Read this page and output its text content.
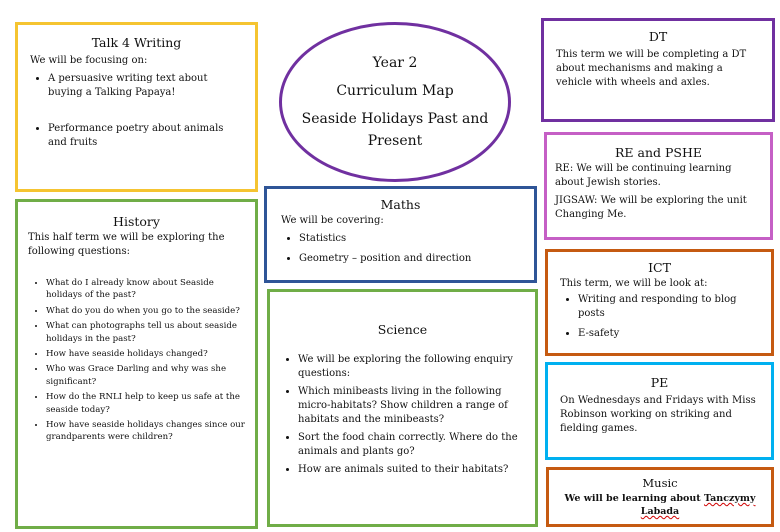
Talk 4 Writing

We will be focusing on:

• A persuasive writing text about buying a Talking Papaya!
• Performance poetry about animals and fruits
Year 2
Curriculum Map
Seaside Holidays Past and Present

DT

This term we will be completing a DT about mechanisms and making a vehicle with wheels and axles.

RE and PSHE

RE: We will be continuing learning about Jewish stories.

JIGSAW: We will be exploring the unit Changing Me.

Maths

We will be covering:

• Statistics
• Geometry – position and direction

History

This half term we will be exploring the following questions:

• What do I already know about Seaside holidays of the past?
• What do you do when you go to the seaside?
• What can photographs tell us about seaside holidays in the past?
• How have seaside holidays changed?
• Who was Grace Darling and why was she significant?
• How do the RNLI help to keep us safe at the seaside today?
• How have seaside holidays changes since our grandparents were children?

ICT

This term, we will be look at:

• Writing and responding to blog posts
• E-safety

Science

• We will be exploring the following enquiry questions:
• Which minibeasts living in the following micro-habitats? Show children a range of habitats and the minibeasts?
• Sort the food chain correctly. Where do the animals and plants go?
• How are animals suited to their habitats?

PE

On Wednesdays and Fridays with Miss Robinson working on striking and fielding games.

Music

We will be learning about Tanczymy Labada
